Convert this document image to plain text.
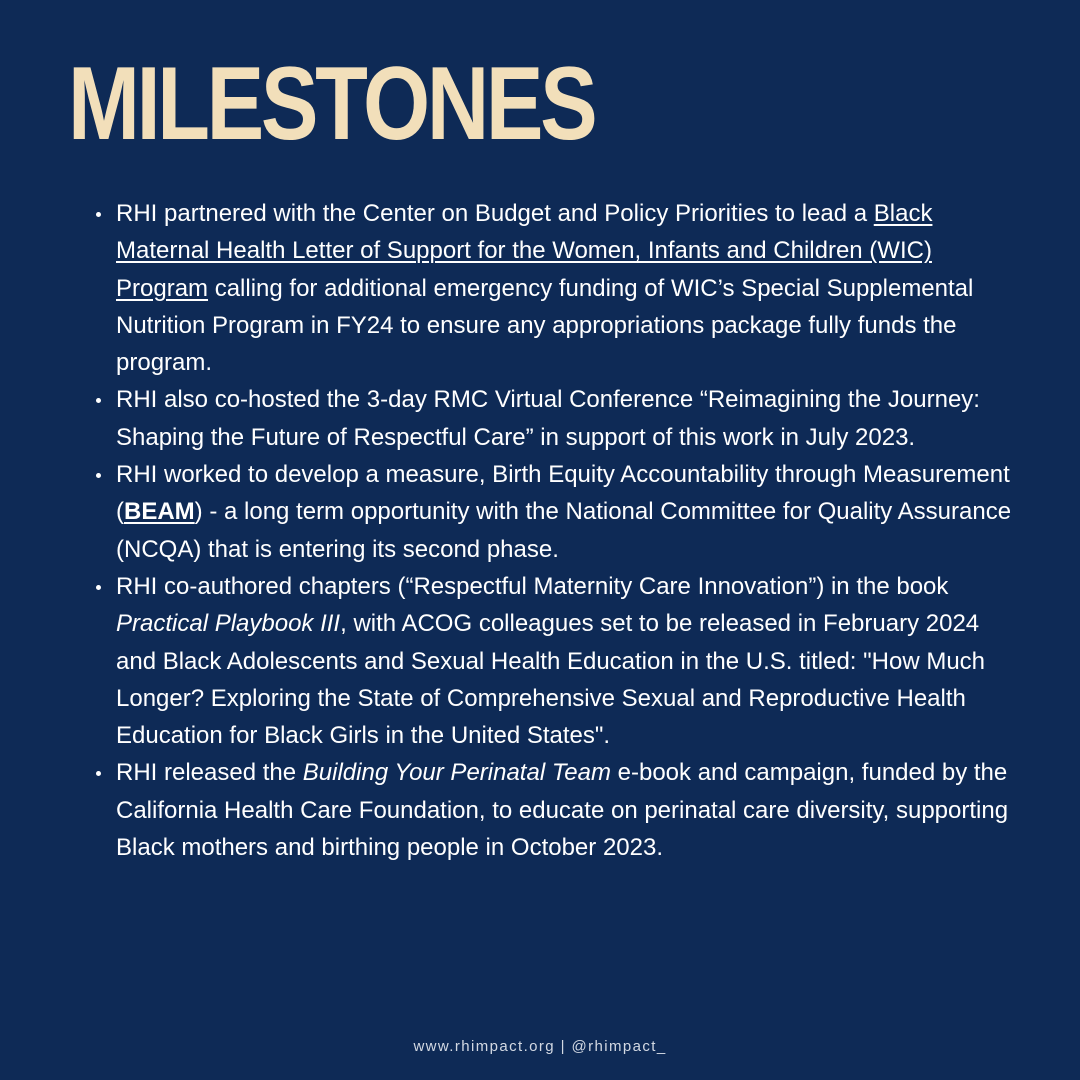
MILESTONES
RHI partnered with the Center on Budget and Policy Priorities to lead a Black Maternal Health Letter of Support for the Women, Infants and Children (WIC) Program calling for additional emergency funding of WIC’s Special Supplemental Nutrition Program in FY24 to ensure any appropriations package fully funds the program.
RHI also co-hosted the 3-day RMC Virtual Conference “Reimagining the Journey: Shaping the Future of Respectful Care” in support of this work in July 2023.
RHI worked to develop a measure, Birth Equity Accountability through Measurement (BEAM) - a long term opportunity with the National Committee for Quality Assurance (NCQA) that is entering its second phase.
RHI co-authored chapters (“Respectful Maternity Care Innovation”) in the book Practical Playbook III, with ACOG colleagues set to be released in February 2024 and Black Adolescents and Sexual Health Education in the U.S. titled: "How Much Longer? Exploring the State of Comprehensive Sexual and Reproductive Health Education for Black Girls in the United States".
RHI released the Building Your Perinatal Team e-book and campaign, funded by the California Health Care Foundation, to educate on perinatal care diversity, supporting Black mothers and birthing people in October 2023.
www.rhimpact.org | @rhimpact_
